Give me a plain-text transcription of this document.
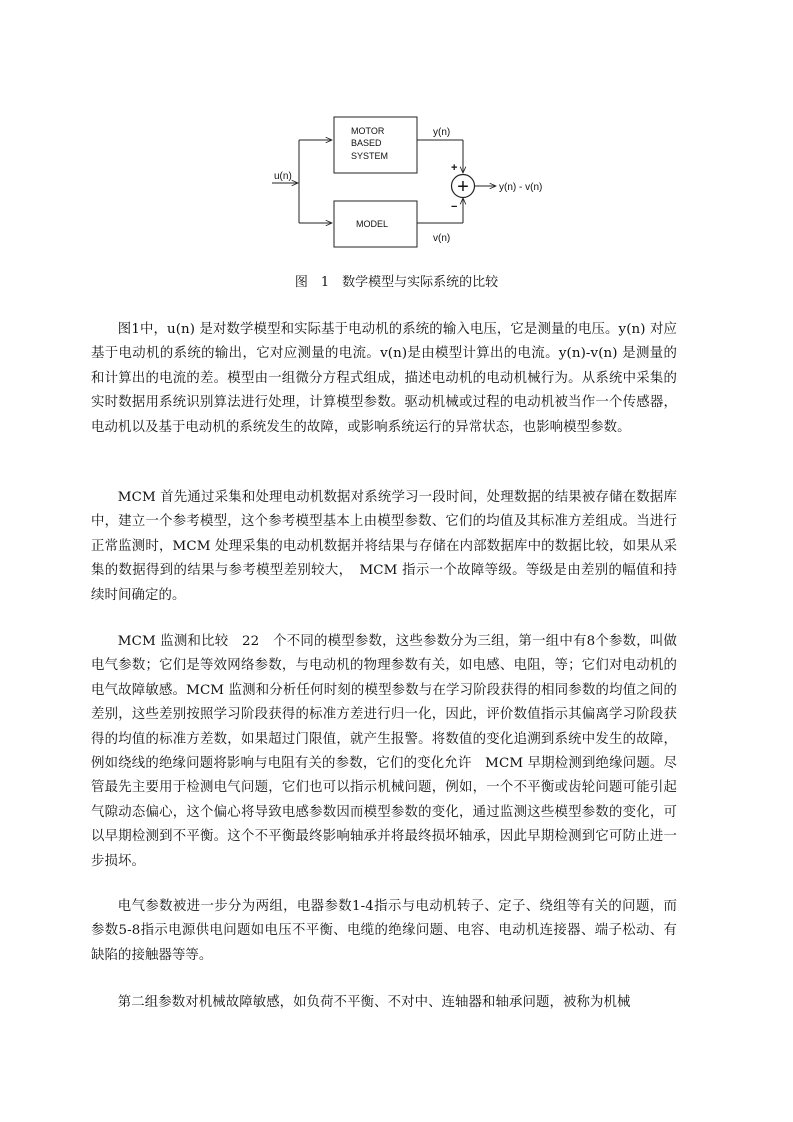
u(n)
MOTOR
BASED
SYSTEM
MODEL
y(n)
v(n)
+
+
−
y(n) - v(n)
图　1　数学模型与实际系统的比较

图1中，u(n) 是对数学模型和实际基于电动机的系统的输入电压，它是测量的电压。y(n) 对应基于电动机的系统的输出，它对应测量的电流。v(n)是由模型计算出的电流。y(n)-v(n) 是测量的和计算出的电流的差。模型由一组微分方程式组成，描述电动机的电动机械行为。从系统中采集的实时数据用系统识别算法进行处理，计算模型参数。驱动机械或过程的电动机被当作一个传感器，电动机以及基于电动机的系统发生的故障，或影响系统运行的异常状态，也影响模型参数。

MCM 首先通过采集和处理电动机数据对系统学习一段时间，处理数据的结果被存储在数据库中，建立一个参考模型，这个参考模型基本上由模型参数、它们的均值及其标准方差组成。当进行正常监测时，MCM 处理采集的电动机数据并将结果与存储在内部数据库中的数据比较，如果从采集的数据得到的结果与参考模型差别较大，　MCM 指示一个故障等级。等级是由差别的幅值和持续时间确定的。

MCM 监测和比较　22　个不同的模型参数，这些参数分为三组，第一组中有8个参数，叫做电气参数；它们是等效网络参数，与电动机的物理参数有关，如电感、电阻，等；它们对电动机的电气故障敏感。MCM 监测和分析任何时刻的模型参数与在学习阶段获得的相同参数的均值之间的差别，这些差别按照学习阶段获得的标准方差进行归一化，因此，评价数值指示其偏离学习阶段获得的均值的标准方差数，如果超过门限值，就产生报警。将数值的变化追溯到系统中发生的故障，例如绕线的绝缘问题将影响与电阻有关的参数，它们的变化允许　MCM 早期检测到绝缘问题。尽管最先主要用于检测电气问题，它们也可以指示机械问题，例如，一个不平衡或齿轮问题可能引起气隙动态偏心，这个偏心将导致电感参数因而模型参数的变化，通过监测这些模型参数的变化，可以早期检测到不平衡。这个不平衡最终影响轴承并将最终损坏轴承，因此早期检测到它可防止进一步损坏。

电气参数被进一步分为两组，电器参数1-4指示与电动机转子、定子、绕组等有关的问题，而参数5-8指示电源供电问题如电压不平衡、电缆的绝缘问题、电容、电动机连接器、端子松动、有缺陷的接触器等等。

第二组参数对机械故障敏感，如负荷不平衡、不对中、连轴器和轴承问题，被称为机械
